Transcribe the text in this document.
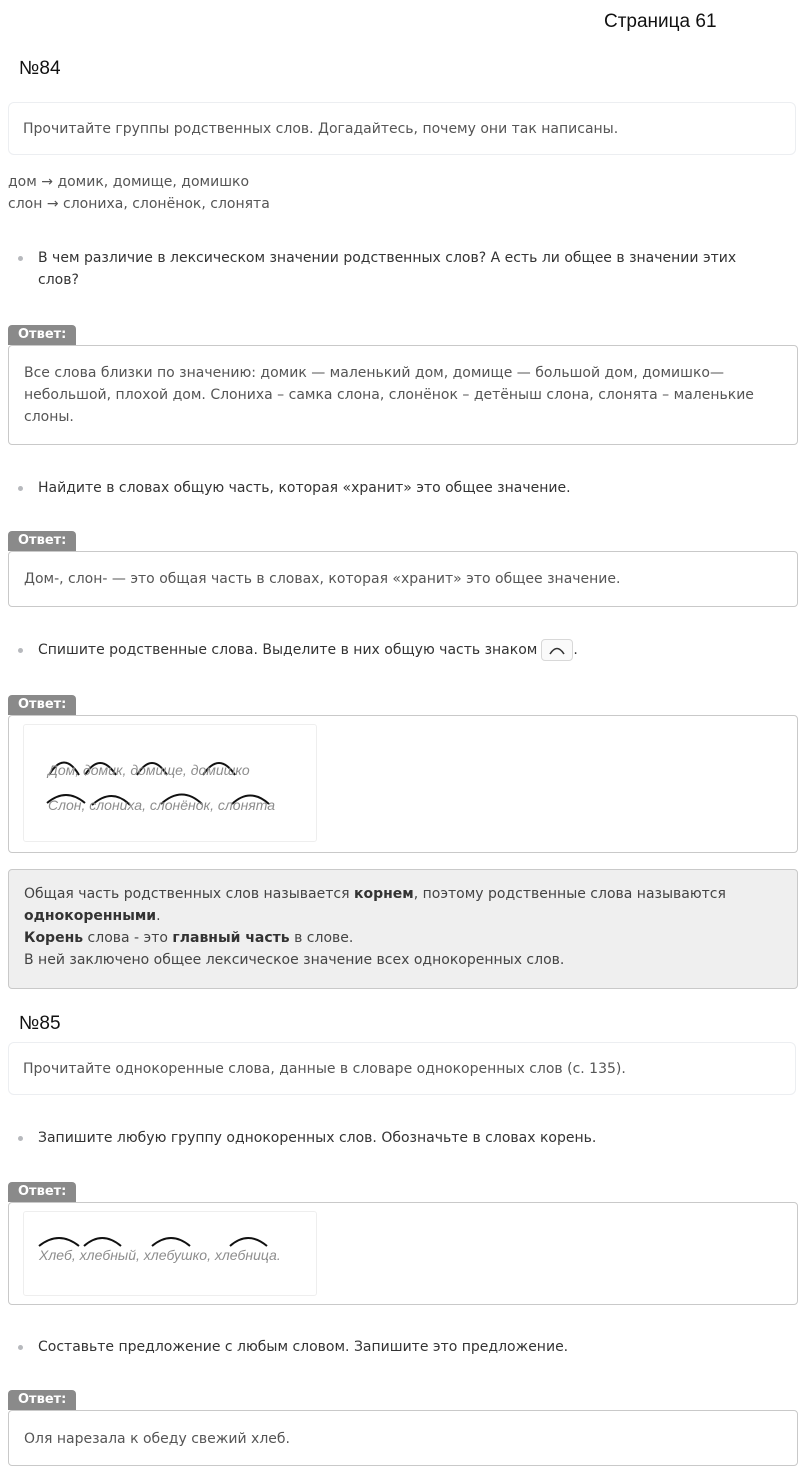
Страница 61
№84
Прочитайте группы родственных слов. Догадайтесь, почему они так написаны.
дом → домик, домище, домишко
слон → слониха, слонёнок, слонята
В чем различие в лексическом значении родственных слов? А есть ли общее в значении этих слов?
Ответ:
Все слова близки по значению: домик — маленький дом, домище — большой дом, домишко— небольшой, плохой дом. Слониха – самка слона, слонёнок – детёныш слона, слонята – маленькие слоны.
Найдите в словах общую часть, которая «хранит» это общее значение.
Ответ:
Дом-, слон- — это общая часть в словах, которая «хранит» это общее значение.
Спишите родственные слова. Выделите в них общую часть знаком	.
Ответ:
Дом, домик, домище, домишко
Слон, слониха, слонёнок, слонята
Общая часть родственных слов называется корнем, поэтому родственные слова называются однокоренными.
Корень слова - это главный часть в слове.
В ней заключено общее лексическое значение всех однокоренных слов.
№85
Прочитайте однокоренные слова, данные в словаре однокоренных слов (с. 135).
Запишите любую группу однокоренных слов. Обозначьте в словах корень.
Ответ:
Хлеб, хлебный, хлебушко, хлебница.
Составьте предложение с любым словом. Запишите это предложение.
Ответ:
Оля нарезала к обеду свежий хлеб.
